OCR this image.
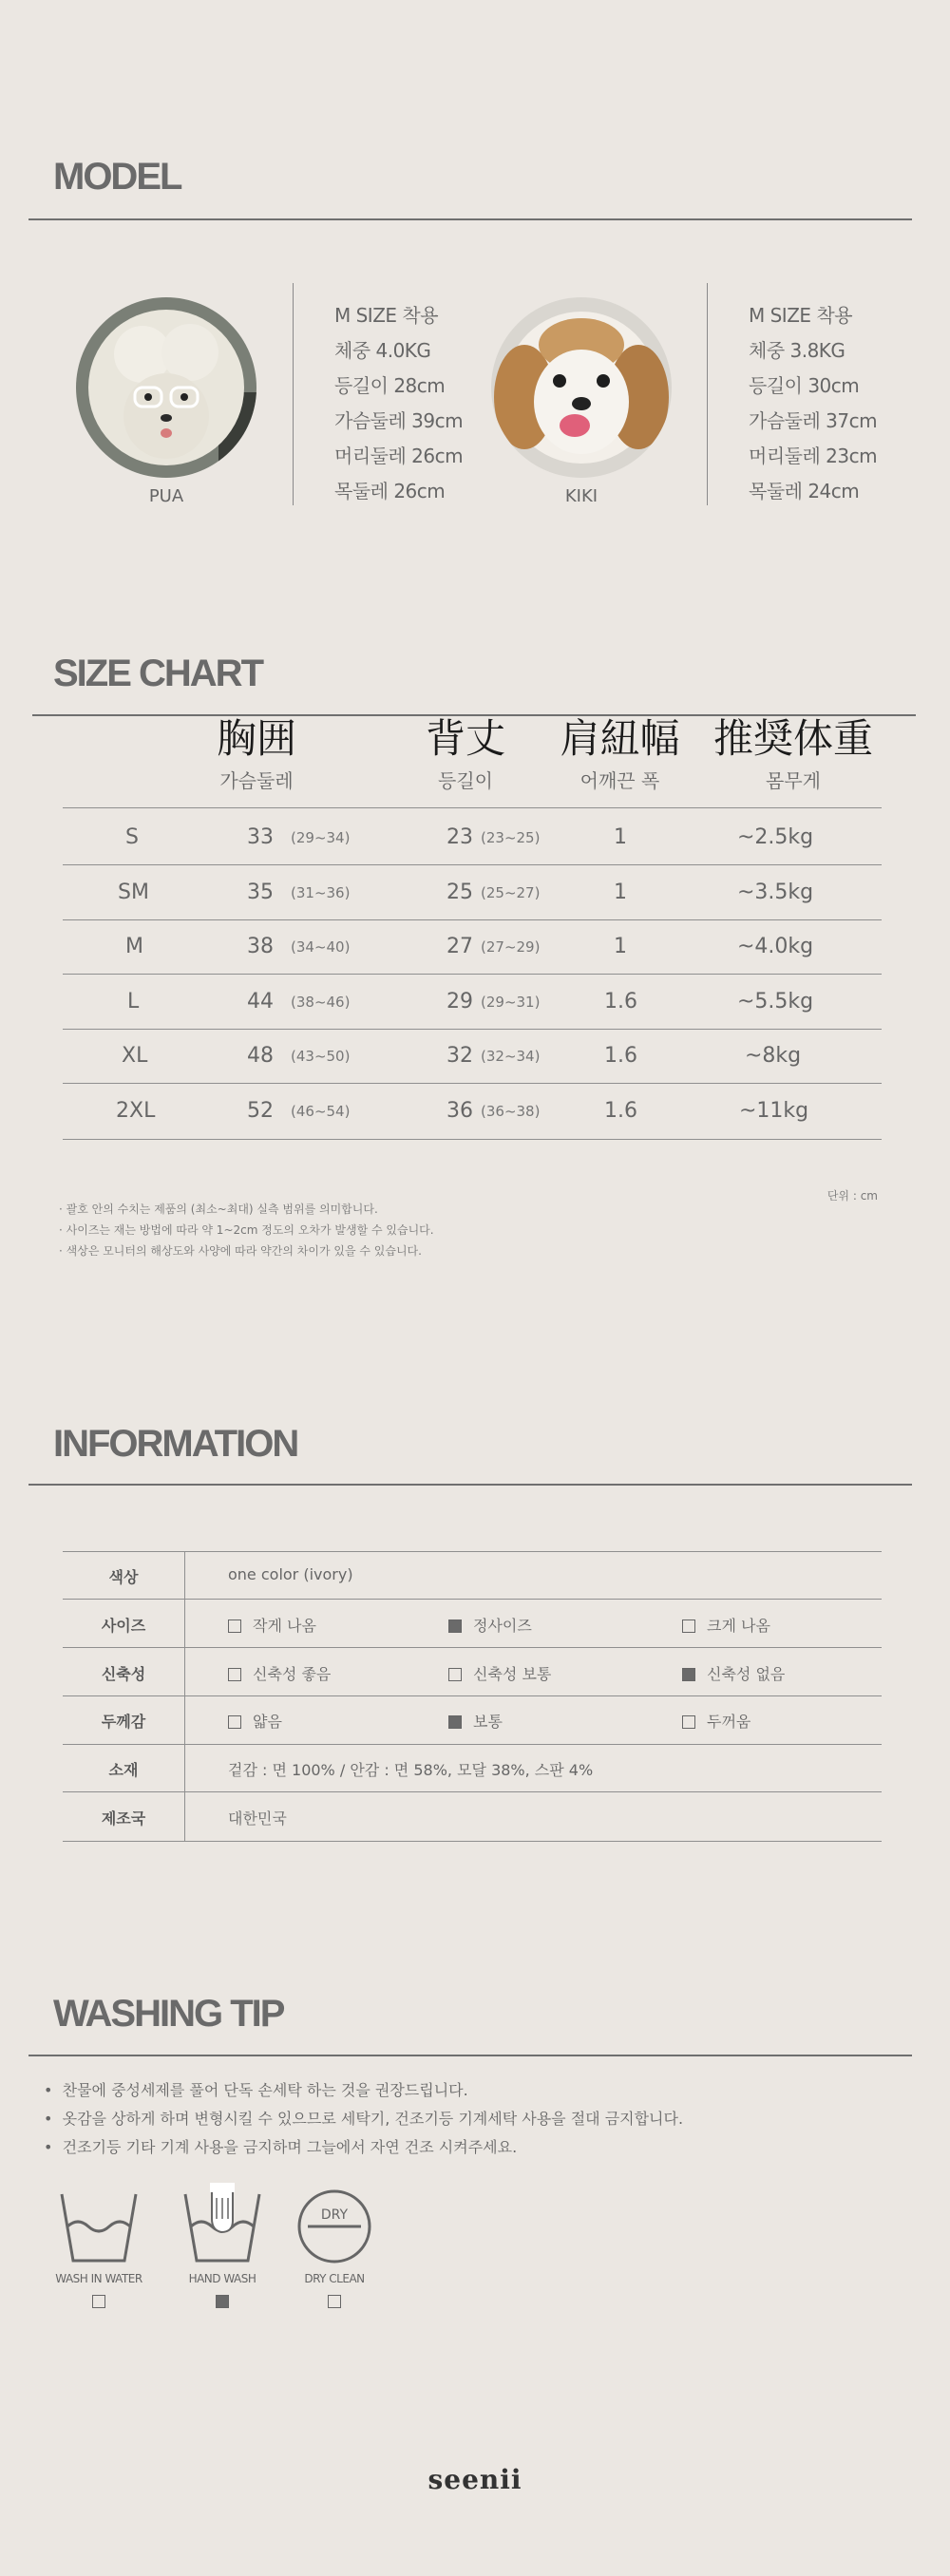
MODEL
PUA
M SIZE 착용
체중 4.0KG
등길이 28cm
가슴둘레 39cm
머리둘레 26cm
목둘레 26cm	KIKI
M SIZE 착용
체중 3.8KG
등길이 30cm
가슴둘레 37cm
머리둘레 23cm
목둘레 24cm
SIZE CHART
胸囲
가슴둘레
背丈
등길이
肩紐幅
어깨끈 폭
推奨体重
몸무게
S	33 (29~34)	23 (23~25)	1	~2.5kg
SM	35 (31~36)	25 (25~27)	1	~3.5kg
M	38 (34~40)	27 (27~29)	1	~4.0kg
L	44 (38~46)	29 (29~31)	1.6	~5.5kg
XL	48 (43~50)	32 (32~34)	1.6	~8kg
2XL	52 (46~54)	36 (36~38)	1.6	~11kg
단위 : cm
· 괄호 안의 수치는 제품의 (최소~최대) 실측 범위를 의미합니다.
· 사이즈는 재는 방법에 따라 약 1~2cm 정도의 오차가 발생할 수 있습니다.
· 색상은 모니터의 해상도와 사양에 따라 약간의 차이가 있을 수 있습니다.
INFORMATION
색상	one color (ivory)
사이즈	작게 나옴	정사이즈	크게 나옴
신축성	신축성 좋음	신축성 보통	신축성 없음
두께감	얇음	보통	두꺼움
소재	겉감 : 면 100% / 안감 : 면 58%, 모달 38%, 스판 4%
제조국	대한민국
WASHING TIP
•  찬물에 중성세제를 풀어 단독 손세탁 하는 것을 권장드립니다.
•  옷감을 상하게 하며 변형시킬 수 있으므로 세탁기, 건조기등 기계세탁 사용을 절대 금지합니다.
•  건조기등 기타 기계 사용을 금지하며 그늘에서 자연 건조 시켜주세요.
WASH IN WATER	HAND WASH
DRY
DRY CLEAN
seenii
